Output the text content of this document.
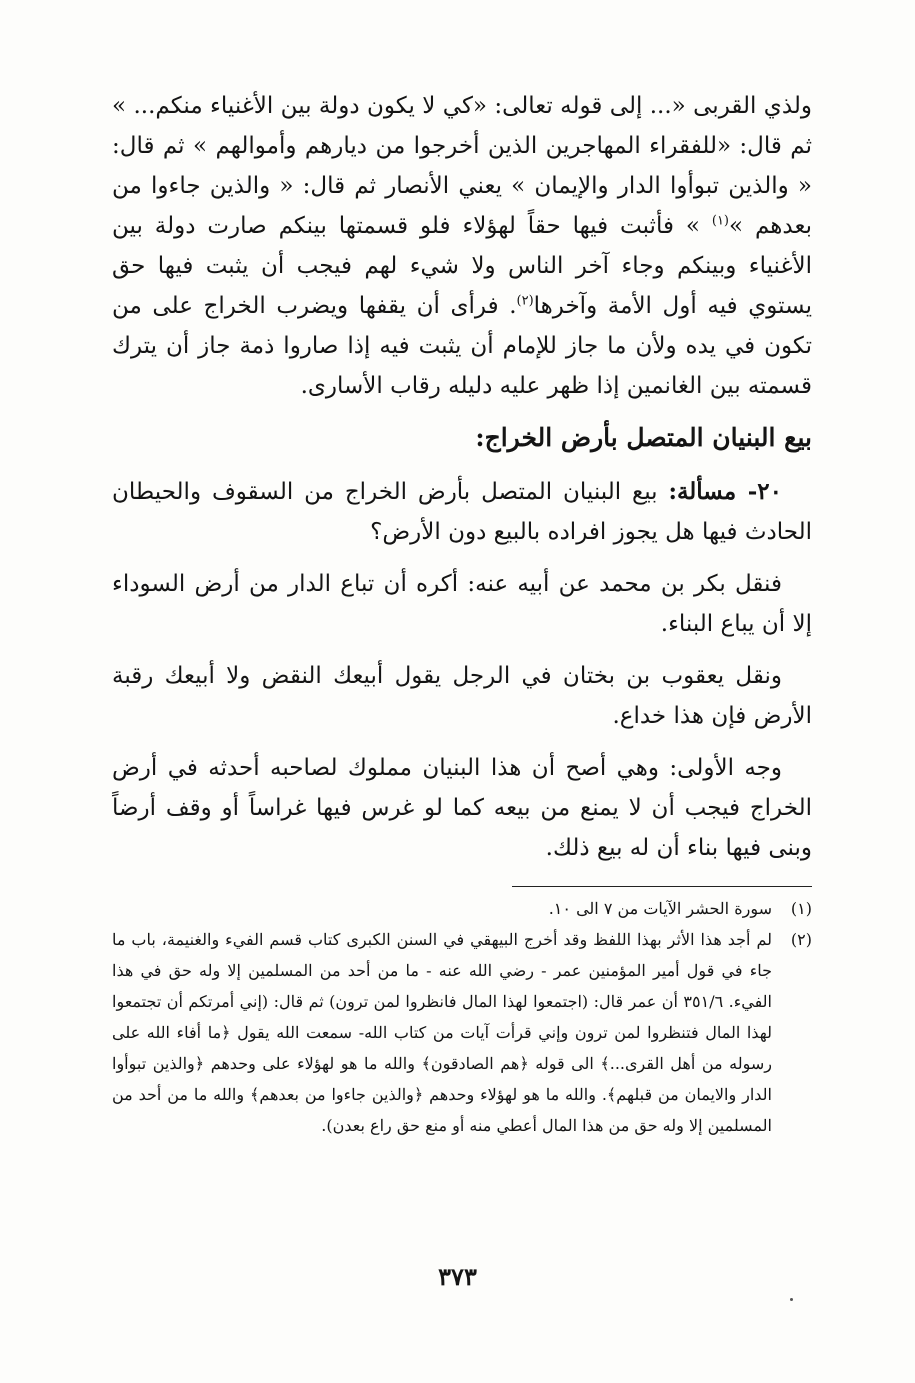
ولذي القربى «... إلى قوله تعالى: «كي لا يكون دولة بين الأغنياء منكم... » ثم قال: «للفقراء المهاجرين الذين أخرجوا من ديارهم وأموالهم » ثم قال: « والذين تبوأوا الدار والإيمان » يعني الأنصار ثم قال: « والذين جاءوا من بعدهم »$^{(١)}$ » فأثبت فيها حقاً لهؤلاء فلو قسمتها بينكم صارت دولة بين الأغنياء وبينكم وجاء آخر الناس ولا شيء لهم فيجب أن يثبت فيها حق يستوي فيه أول الأمة وآخرها$^{(٢)}$. فرأى أن يقفها ويضرب الخراج على من تكون في يده ولأن ما جاز للإمام أن يثبت فيه إذا صاروا ذمة جاز أن يترك قسمته بين الغانمين إذا ظهر عليه دليله رقاب الأسارى.

بيع البنيان المتصل بأرض الخراج:

٢٠- مسألة: بيع البنيان المتصل بأرض الخراج من السقوف والحيطان الحادث فيها هل يجوز افراده بالبيع دون الأرض؟

فنقل بكر بن محمد عن أبيه عنه: أكره أن تباع الدار من أرض السوداء إلا أن يباع البناء.

ونقل يعقوب بن بختان في الرجل يقول أبيعك النقض ولا أبيعك رقبة الأرض فإن هذا خداع.

وجه الأولى: وهي أصح أن هذا البنيان مملوك لصاحبه أحدثه في أرض الخراج فيجب أن لا يمنع من بيعه كما لو غرس فيها غراساً أو وقف أرضاً وبنى فيها بناء أن له بيع ذلك.

(١)
سورة الحشر الآيات من ٧ الى ١٠.
(٢)
لم أجد هذا الأثر بهذا اللفظ وقد أخرج البيهقي في السنن الكبرى كتاب قسم الفيء والغنيمة، باب ما جاء في قول أمير المؤمنين عمر - رضي الله عنه - ما من أحد من المسلمين إلا وله حق في هذا الفيء. ٣٥١/٦ أن عمر قال: (اجتمعوا لهذا المال فانظروا لمن ترون) ثم قال: (إني أمرتكم أن تجتمعوا لهذا المال فتنظروا لمن ترون وإني قرأت آيات من كتاب الله- سمعت الله يقول ﴿ما أفاء الله على رسوله من أهل القرى...﴾ الى قوله ﴿هم الصادقون﴾ والله ما هو لهؤلاء على وحدهم ﴿والذين تبوأوا الدار والايمان من قبلهم﴾. والله ما هو لهؤلاء وحدهم ﴿والذين جاءوا من بعدهم﴾ والله ما من أحد من المسلمين إلا وله حق من هذا المال أعطي منه أو منع حق راع بعدن).
٣٧٣
